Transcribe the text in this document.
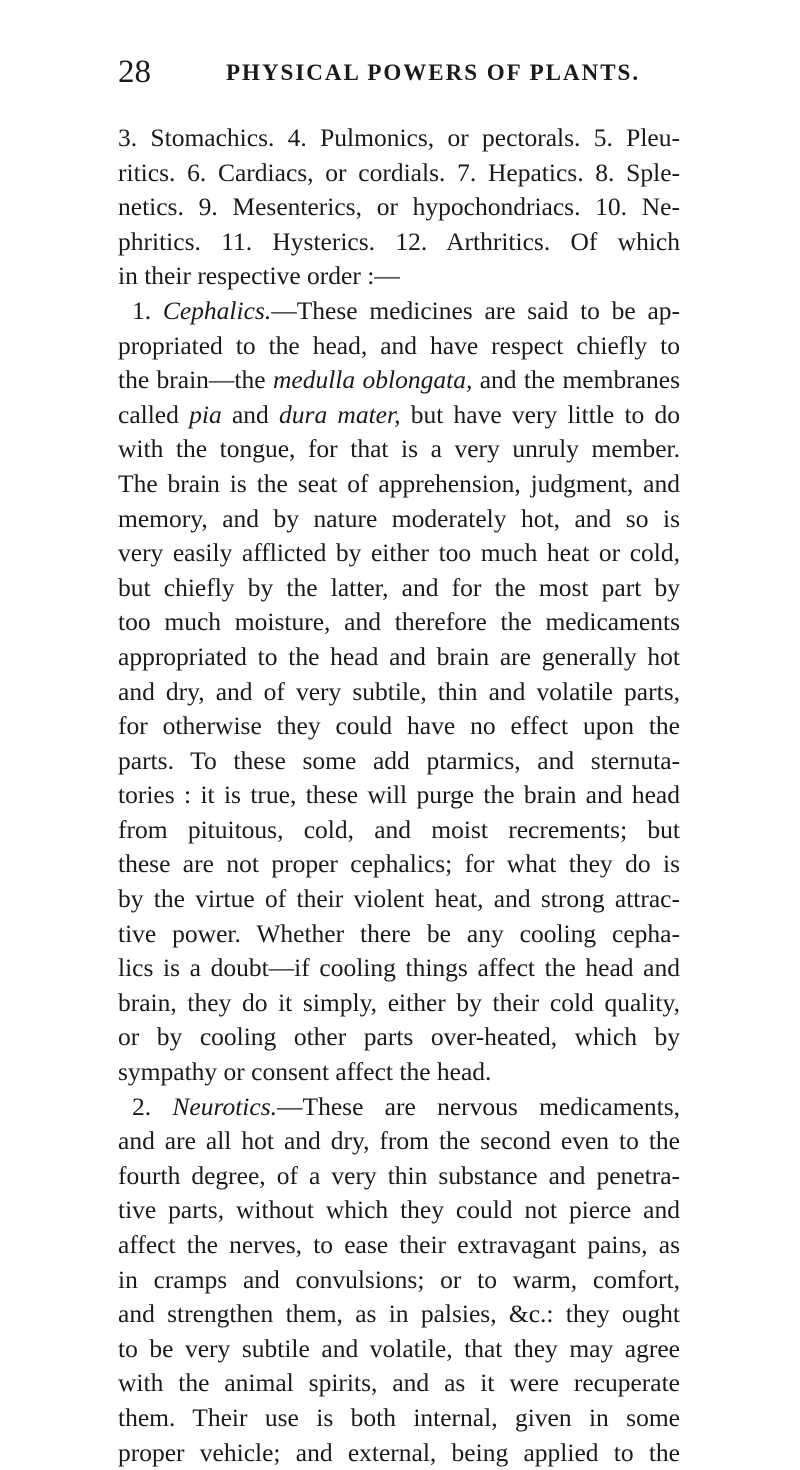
28	PHYSICAL POWERS OF PLANTS.
3. Stomachics. 4. Pulmonics, or pectorals. 5. Pleu-
ritics. 6. Cardiacs, or cordials. 7. Hepatics. 8. Sple-
netics. 9. Mesenterics, or hypochondriacs. 10. Ne-
phritics. 11. Hysterics. 12. Arthritics. Of which
in their respective order :—
1. Cephalics.—These medicines are said to be ap-
propriated to the head, and have respect chiefly to
the brain—the medulla oblongata, and the membranes
called pia and dura mater, but have very little to do
with the tongue, for that is a very unruly member.
The brain is the seat of apprehension, judgment, and
memory, and by nature moderately hot, and so is
very easily afflicted by either too much heat or cold,
but chiefly by the latter, and for the most part by
too much moisture, and therefore the medicaments
appropriated to the head and brain are generally hot
and dry, and of very subtile, thin and volatile parts,
for otherwise they could have no effect upon the
parts. To these some add ptarmics, and sternuta-
tories : it is true, these will purge the brain and head
from pituitous, cold, and moist recrements; but
these are not proper cephalics; for what they do is
by the virtue of their violent heat, and strong attrac-
tive power. Whether there be any cooling cepha-
lics is a doubt—if cooling things affect the head and
brain, they do it simply, either by their cold quality,
or by cooling other parts over-heated, which by
sympathy or consent affect the head.
2. Neurotics.—These are nervous medicaments,
and are all hot and dry, from the second even to the
fourth degree, of a very thin substance and penetra-
tive parts, without which they could not pierce and
affect the nerves, to ease their extravagant pains, as
in cramps and convulsions; or to warm, comfort,
and strengthen them, as in palsies, &c.: they ought
to be very subtile and volatile, that they may agree
with the animal spirits, and as it were recuperate
them. Their use is both internal, given in some
proper vehicle; and external, being applied to the
